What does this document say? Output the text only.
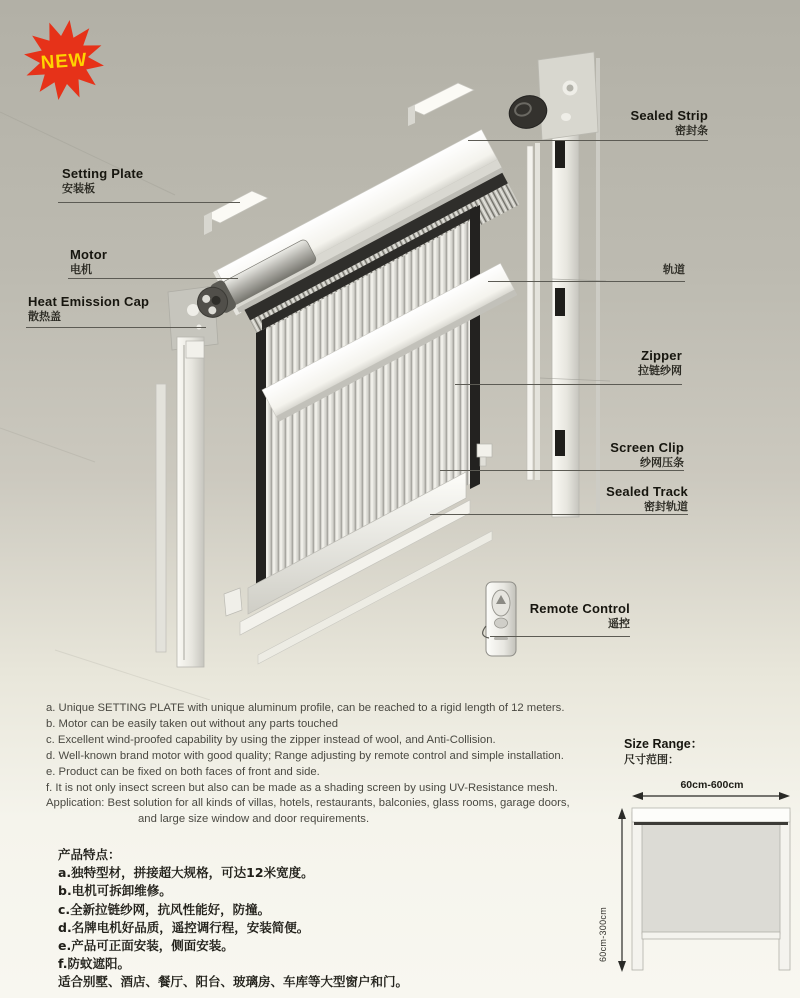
NEW
Setting Plate
安装板
Motor
电机
Heat Emission Cap
散热盖
Sealed Strip
密封条
轨道
Zipper
拉链纱网
Screen Clip
纱网压条
Sealed Track
密封轨道
Remote Control
遥控
a. Unique SETTING PLATE with unique aluminum profile, can be reached to a rigid length of 12 meters.
b. Motor can be easily taken out without any parts touched
c. Excellent wind-proofed capability by using the zipper instead of wool, and Anti-Collision.
d. Well-known brand motor with good quality; Range adjusting by remote control and simple installation.
e. Product can be fixed on both faces of front and side.
f. It is not only insect screen but also can be made as a shading screen by using UV-Resistance mesh.
Application: Best solution for all kinds of villas, hotels, restaurants, balconies, glass rooms, garage doors,
and large size window and door requirements.
产品特点：
a.独特型材，拼接超大规格，可达12米宽度。
b.电机可拆卸维修。
c.全新拉链纱网，抗风性能好，防撞。
d.名牌电机好品质，遥控调行程，安装简便。
e.产品可正面安装，侧面安装。
f.防蚊遮阳。
适合别墅、酒店、餐厅、阳台、玻璃房、车库等大型窗户和门。
Size Range：
尺寸范围：
60cm-600cm
60cm-300cm
